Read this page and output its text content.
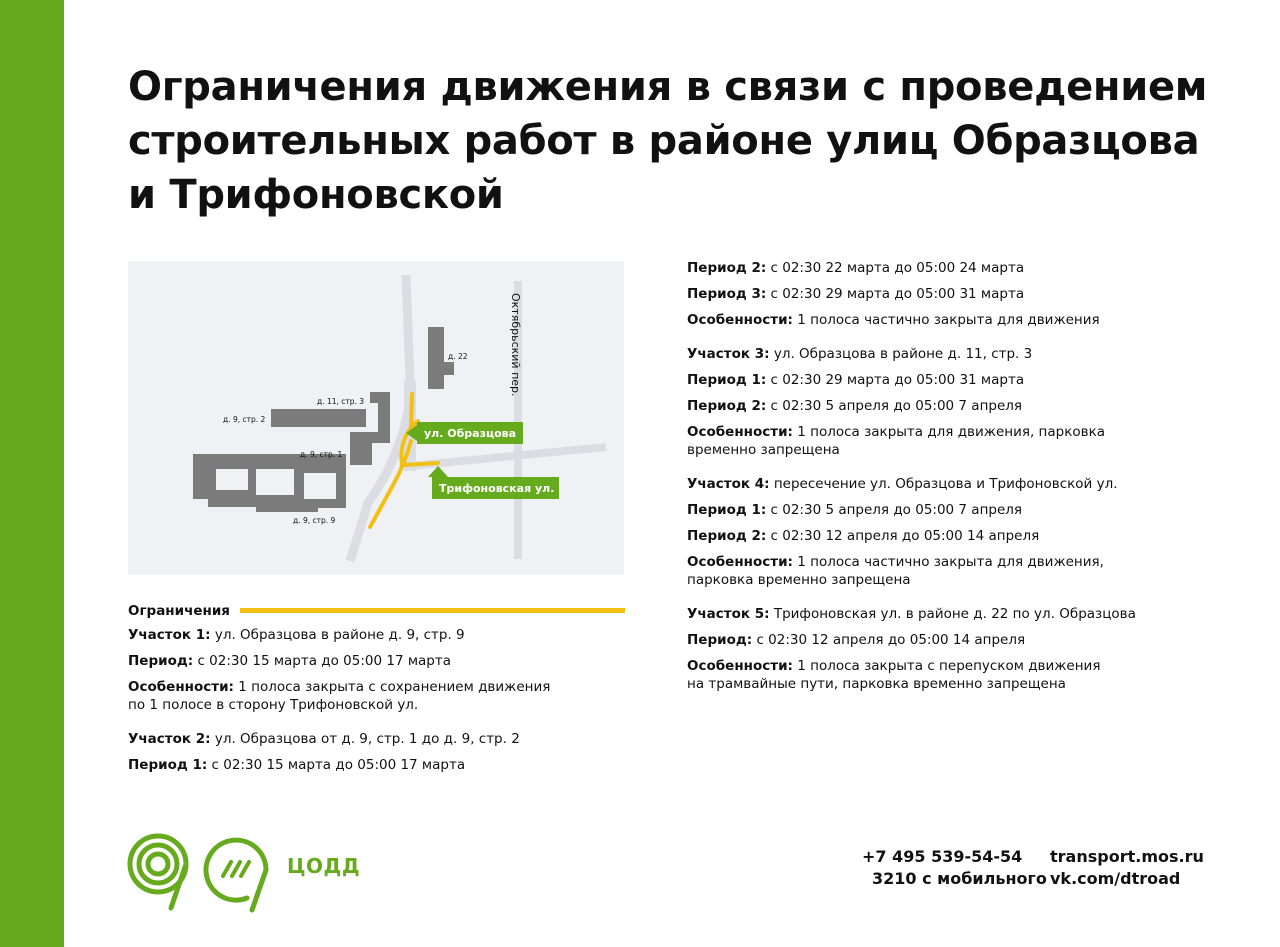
Ограничения движения в связи с проведением
строительных работ в районе улиц Образцова
и Трифоновской
д. 22
д. 11, стр. 3
д. 9, стр. 2
д. 9, стр. 1
д. 9, стр. 9
Октябрьский пер.
ул. Образцова
Трифоновская ул.
Ограничения

Участок 1: ул. Образцова в районе д. 9, стр. 9

Период: с 02:30 15 марта до 05:00 17 марта

Особенности: 1 полоса закрыта с сохранением движения
по 1 полосе в сторону Трифоновской ул.

Участок 2: ул. Образцова от д. 9, стр. 1 до д. 9, стр. 2

Период 1: с 02:30 15 марта до 05:00 17 марта

Период 2: с 02:30 22 марта до 05:00 24 марта

Период 3: с 02:30 29 марта до 05:00 31 марта

Особенности: 1 полоса частично закрыта для движения

Участок 3: ул. Образцова в районе д. 11, стр. 3

Период 1: с 02:30 29 марта до 05:00 31 марта

Период 2: с 02:30 5 апреля до 05:00 7 апреля

Особенности: 1 полоса закрыта для движения, парковка
временно запрещена

Участок 4: пересечение ул. Образцова и Трифоновской ул.

Период 1: с 02:30 5 апреля до 05:00 7 апреля

Период 2: с 02:30 12 апреля до 05:00 14 апреля

Особенности: 1 полоса частично закрыта для движения,
парковка временно запрещена

Участок 5: Трифоновская ул. в районе д. 22 по ул. Образцова

Период: с 02:30 12 апреля до 05:00 14 апреля

Особенности: 1 полоса закрыта с перепуском движения
на трамвайные пути, парковка временно запрещена

ЦОДД	+7 495 539-54-54
3210 с мобильного
transport.mos.ru
vk.com/dtroad
